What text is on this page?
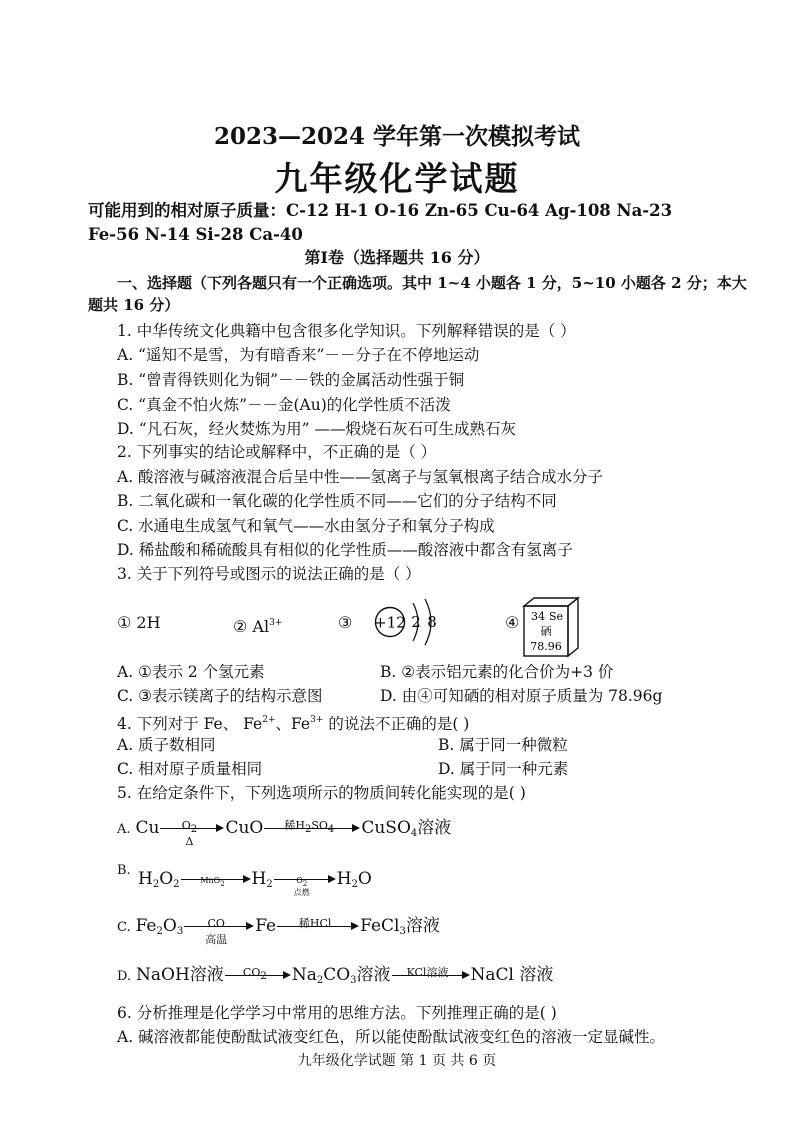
2023—2024 学年第一次模拟考试
九年级化学试题
可能用到的相对原子质量：C-12 H-1 O-16 Zn-65 Cu-64 Ag-108 Na-23
Fe-56 N-14 Si-28 Ca-40
第Ⅰ卷（选择题共 16 分）
一、选择题（下列各题只有一个正确选项。其中 1~4 小题各 1 分，5~10 小题各 2 分；本大
题共 16 分）
1. 中华传统文化典籍中包含很多化学知识。下列解释错误的是（ ）
A. “遥知不是雪，为有暗香来”－－分子在不停地运动
B. “曾青得铁则化为铜”－－铁的金属活动性强于铜
C. “真金不怕火炼”－－金(Au)的化学性质不活泼
D. “凡石灰，经火焚炼为用” ——煅烧石灰石可生成熟石灰
2. 下列事实的结论或解释中，不正确的是（ ）
A. 酸溶液与碱溶液混合后呈中性——氢离子与氢氧根离子结合成水分子
B. 二氧化碳和一氧化碳的化学性质不同——它们的分子结构不同
C. 水通电生成氢气和氧气——水由氢分子和氧分子构成
D. 稀盐酸和稀硫酸具有相似的化学性质——酸溶液中都含有氢离子
3. 关于下列符号或图示的说法正确的是（ ）
① 2H	② $Al^{3+}$	③ +12 2 8	④ 34 Se
硒
78.96
A. ①表示 2 个氢元素	B. ②表示铝元素的化合价为+3 价
C. ③表示镁离子的结构示意图	D. 由④可知硒的相对原子质量为 78.96g
4. 下列对于 Fe、 $Fe^{2+}$、$Fe^{3+}$ 的说法不正确的是( )
A. 质子数相同	B. 属于同一种微粒
C. 相对原子质量相同	D. 属于同一种元素
5. 在给定条件下，下列选项所示的物质间转化能实现的是( )
A. Cu	O2
Δ
CuO	稀H2SO4	CuSO$_4$溶液
B. $H_2O_2$	MnO2	$H_2$	O2
点燃
$H_2O$
C. $Fe_2O_3$
CO
高温
Fe	稀HCl	FeCl$_3$溶液
D. NaOH溶液	CO2	$Na_2CO_3$溶液	KCl溶液	NaCl 溶液
6. 分析推理是化学学习中常用的思维方法。下列推理正确的是( )
A. 碱溶液都能使酚酞试液变红色，所以能使酚酞试液变红色的溶液一定显碱性。
九年级化学试题 第 1 页 共 6 页
